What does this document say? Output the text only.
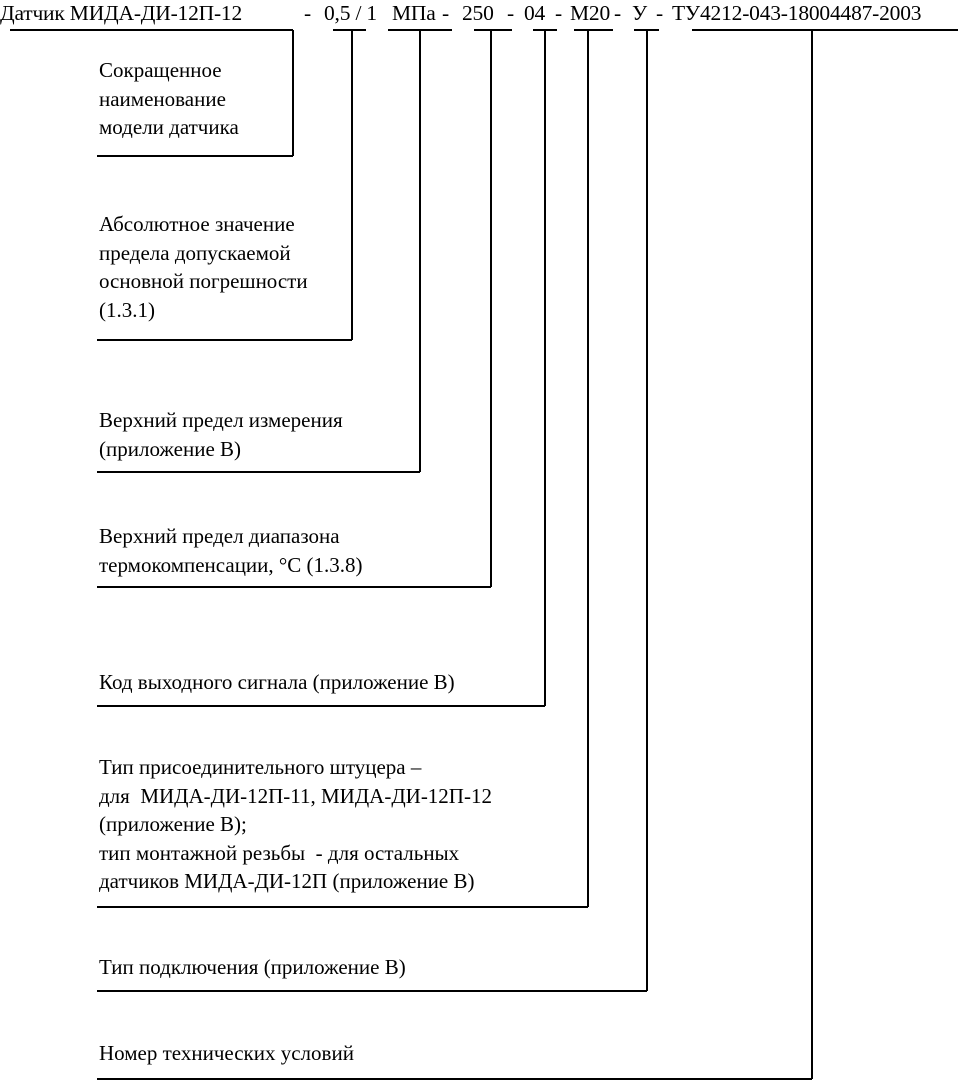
Датчик МИДА-ДИ-12П-12	- 0,5 / 1 МПа - 250 - 04 - М20 - У - ТУ 4212-043-18004487-2003
Сокращенное
наименование
модели датчика
Абсолютное значение
предела допускаемой
основной погрешности
(1.3.1)
Верхний предел измерения
(приложение В)
Верхний предел диапазона
термокомпенсации, °С (1.3.8)
Код выходного сигнала (приложение В)
Тип присоединительного штуцера –
для  МИДА-ДИ-12П-11, МИДА-ДИ-12П-12
(приложение В);
тип монтажной резьбы  - для остальных
датчиков МИДА-ДИ-12П (приложение В)
Тип подключения (приложение В)
Номер технических условий
